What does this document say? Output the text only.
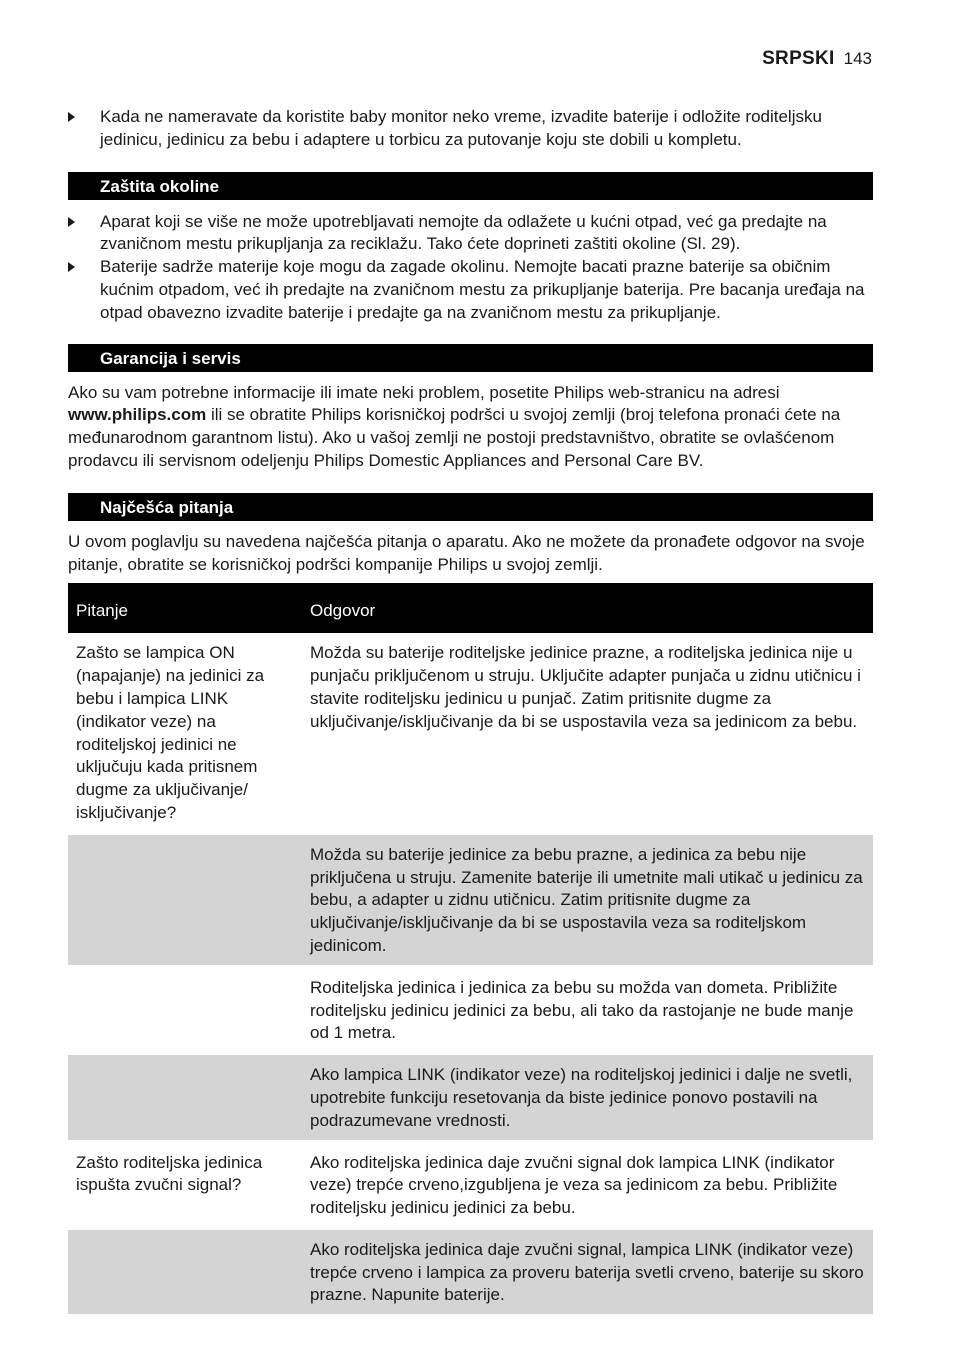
SRPSKI 143
Kada ne nameravate da koristite baby monitor neko vreme, izvadite baterije i odložite roditeljsku jedinicu, jedinicu za bebu i adaptere u torbicu za putovanje koju ste dobili u kompletu.
Zaštita okoline
Aparat koji se više ne može upotrebljavati nemojte da odlažete u kućni otpad, već ga predajte na zvaničnom mestu prikupljanja za reciklažu. Tako ćete doprineti zaštiti okoline (Sl. 29).
Baterije sadrže materije koje mogu da zagade okolinu. Nemojte bacati prazne baterije sa običnim kućnim otpadom, već ih predajte na zvaničnom mestu za prikupljanje baterija. Pre bacanja uređaja na otpad obavezno izvadite baterije i predajte ga na zvaničnom mestu za prikupljanje.
Garancija i servis

Ako su vam potrebne informacije ili imate neki problem, posetite Philips web-stranicu na adresi www.philips.com ili se obratite Philips korisničkoj podršci u svojoj zemlji (broj telefona pronaći ćete na međunarodnom garantnom listu). Ako u vašoj zemlji ne postoji predstavništvo, obratite se ovlašćenom prodavcu ili servisnom odeljenju Philips Domestic Appliances and Personal Care BV.

Najčešća pitanja

U ovom poglavlju su navedena najčešća pitanja o aparatu. Ako ne možete da pronađete odgovor na svoje pitanje, obratite se korisničkoj podršci kompanije Philips u svojoj zemlji.

Pitanje	Odgovor
Zašto se lampica ON (napajanje) na jedinici za bebu i lampica LINK (indikator veze) na roditeljskoj jedinici ne uključuju kada pritisnem dugme za uključivanje/ isključivanje?	Možda su baterije roditeljske jedinice prazne, a roditeljska jedinica nije u punjaču priključenom u struju. Uključite adapter punjača u zidnu utičnicu i stavite roditeljsku jedinicu u punjač. Zatim pritisnite dugme za uključivanje/isključivanje da bi se uspostavila veza sa jedinicom za bebu.
	Možda su baterije jedinice za bebu prazne, a jedinica za bebu nije priključena u struju. Zamenite baterije ili umetnite mali utikač u jedinicu za bebu, a adapter u zidnu utičnicu. Zatim pritisnite dugme za uključivanje/isključivanje da bi se uspostavila veza sa roditeljskom jedinicom.
	Roditeljska jedinica i jedinica za bebu su možda van dometa. Približite roditeljsku jedinicu jedinici za bebu, ali tako da rastojanje ne bude manje od 1 metra.
	Ako lampica LINK (indikator veze) na roditeljskoj jedinici i dalje ne svetli, upotrebite funkciju resetovanja da biste jedinice ponovo postavili na podrazumevane vrednosti.
Zašto roditeljska jedinica ispušta zvučni signal?	Ako roditeljska jedinica daje zvučni signal dok lampica LINK (indikator veze) trepće crveno,izgubljena je veza sa jedinicom za bebu. Približite roditeljsku jedinicu jedinici za bebu.
	Ako roditeljska jedinica daje zvučni signal, lampica LINK (indikator veze) trepće crveno i lampica za proveru baterija svetli crveno, baterije su skoro prazne. Napunite baterije.
